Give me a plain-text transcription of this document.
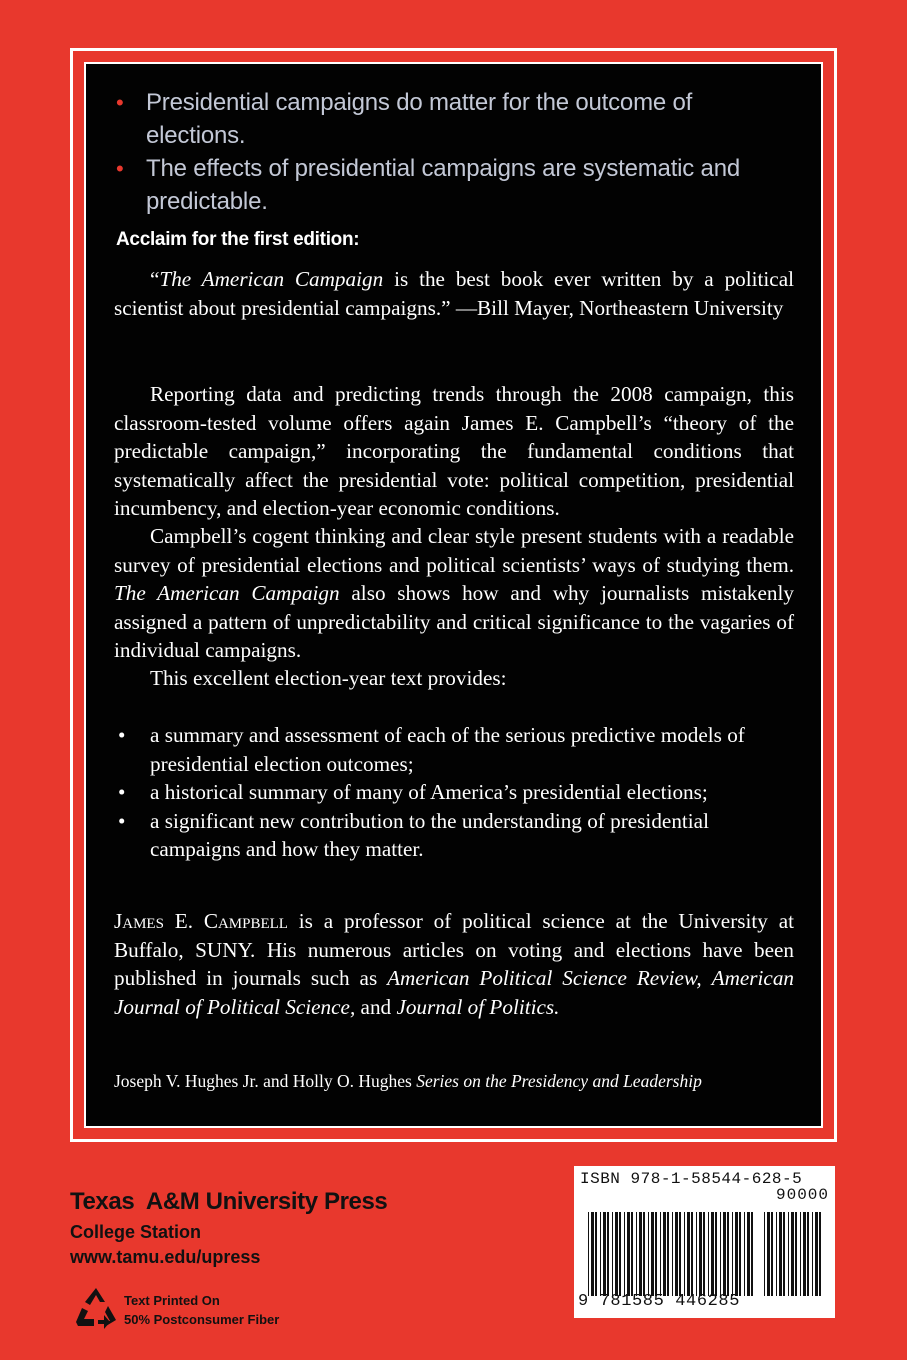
• Presidential campaigns do matter for the outcome of elections.
• The effects of presidential campaigns are systematic and predictable.
Acclaim for the first edition:
“The American Campaign is the best book ever written by a political scientist about presidential campaigns.” —Bill Mayer, Northeastern University
Reporting data and predicting trends through the 2008 campaign, this classroom-tested volume offers again James E. Campbell’s “theory of the predictable campaign,” incorporating the fundamental conditions that systematically affect the presidential vote: political competition, presidential incumbency, and election-year economic conditions.
Campbell’s cogent thinking and clear style present students with a readable survey of presidential elections and political scientists’ ways of studying them. The American Campaign also shows how and why journalists mistakenly assigned a pattern of unpredictability and critical significance to the vagaries of individual campaigns.
This excellent election-year text provides:
• a summary and assessment of each of the serious predictive models of presidential election outcomes;
• a historical summary of many of America’s presidential elections;
• a significant new contribution to the understanding of presidential campaigns and how they matter.
James E. Campbell is a professor of political science at the University at Buffalo, SUNY. His numerous articles on voting and elections have been published in journals such as American Political Science Review, American Journal of Political Science, and Journal of Politics.
Joseph V. Hughes Jr. and Holly O. Hughes Series on the Presidency and Leadership
Texas  A&M University Press
College Station
www.tamu.edu/upress
Text Printed On
50% Postconsumer Fiber
ISBN 978-1-58544-628-5
90000
9 781585 446285
